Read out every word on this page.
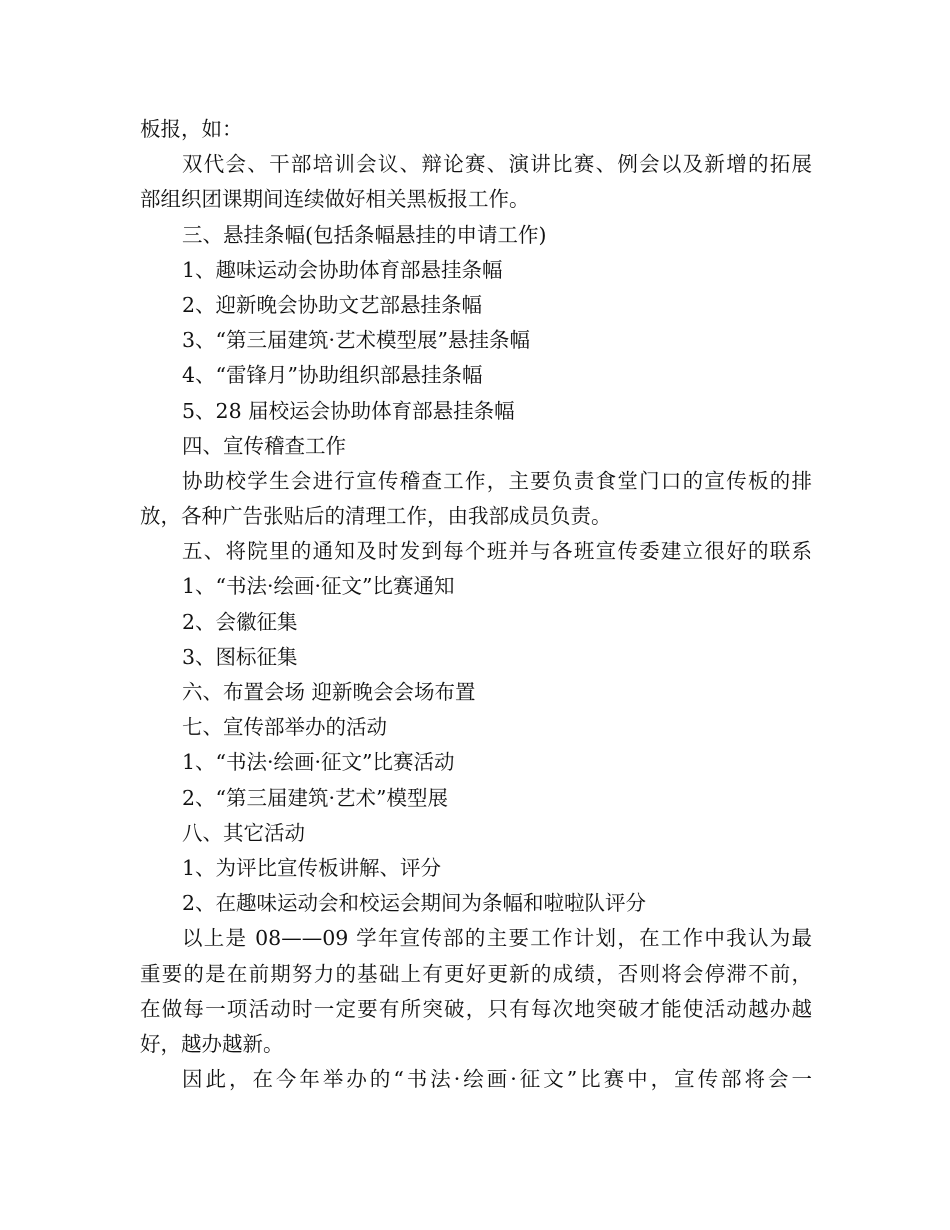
板报，如：
双代会、干部培训会议、辩论赛、演讲比赛、例会以及新增的拓展
部组织团课期间连续做好相关黑板报工作。
三、悬挂条幅(包括条幅悬挂的申请工作)
1、趣味运动会协助体育部悬挂条幅
2、迎新晚会协助文艺部悬挂条幅
3、“第三届建筑·艺术模型展”悬挂条幅
4、“雷锋月”协助组织部悬挂条幅
5、28 届校运会协助体育部悬挂条幅
四、宣传稽查工作
协助校学生会进行宣传稽查工作，主要负责食堂门口的宣传板的排
放，各种广告张贴后的清理工作，由我部成员负责。
五、将院里的通知及时发到每个班并与各班宣传委建立很好的联系
1、“书法·绘画·征文”比赛通知
2、会徽征集
3、图标征集
六、布置会场 迎新晚会会场布置
七、宣传部举办的活动
1、“书法·绘画·征文”比赛活动
2、“第三届建筑·艺术”模型展
八、其它活动
1、为评比宣传板讲解、评分
2、在趣味运动会和校运会期间为条幅和啦啦队评分
以上是 08——09 学年宣传部的主要工作计划，在工作中我认为最
重要的是在前期努力的基础上有更好更新的成绩，否则将会停滞不前，
在做每一项活动时一定要有所突破，只有每次地突破才能使活动越办越
好，越办越新。
因此，在今年举办的“书法·绘画·征文”比赛中，宣传部将会一
